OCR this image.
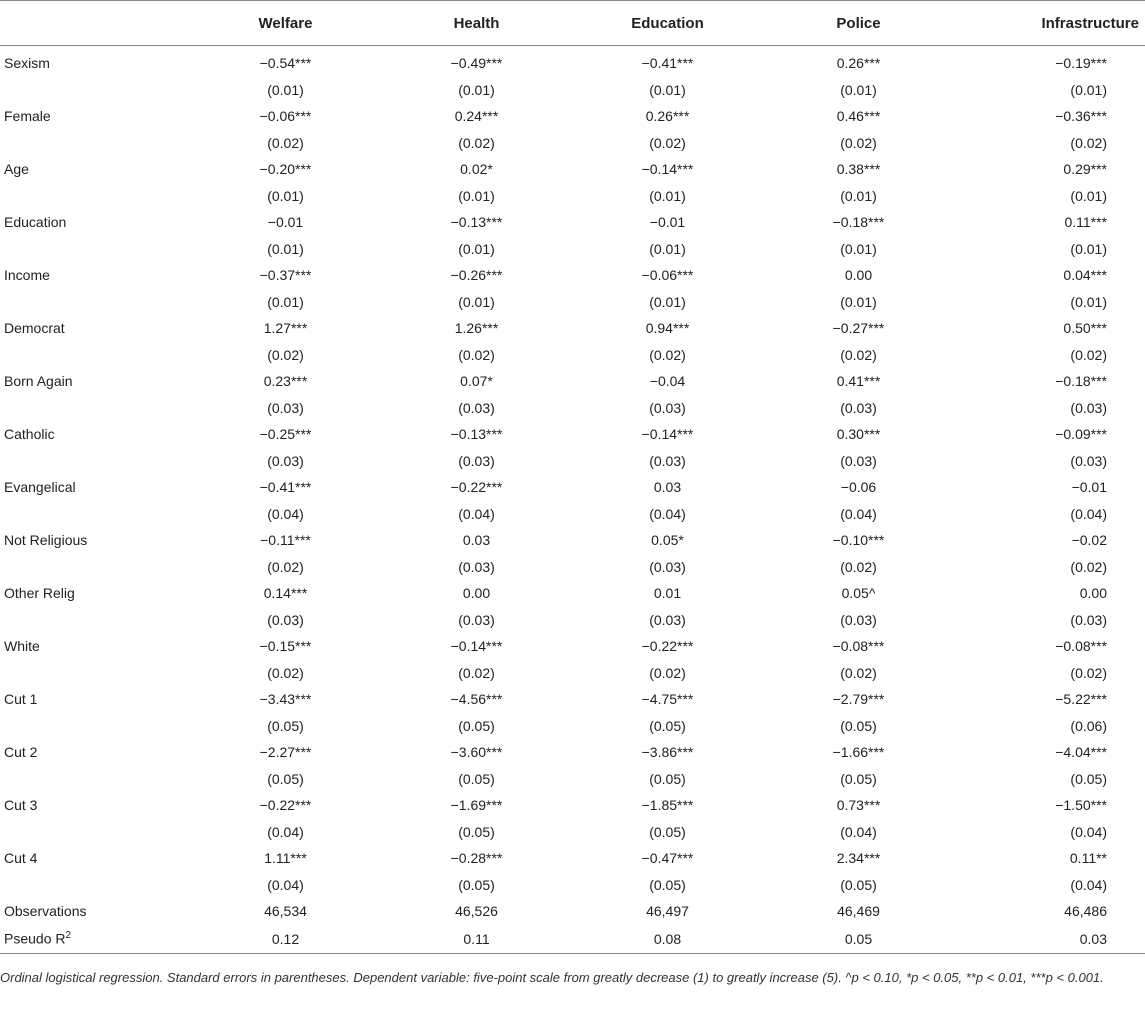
	Welfare	Health	Education	Police	Infrastructure
Sexism	−0.54***	−0.49***	−0.41***	0.26***	−0.19***
	(0.01)	(0.01)	(0.01)	(0.01)	(0.01)
Female	−0.06***	0.24***	0.26***	0.46***	−0.36***
	(0.02)	(0.02)	(0.02)	(0.02)	(0.02)
Age	−0.20***	0.02*	−0.14***	0.38***	0.29***
	(0.01)	(0.01)	(0.01)	(0.01)	(0.01)
Education	−0.01	−0.13***	−0.01	−0.18***	0.11***
	(0.01)	(0.01)	(0.01)	(0.01)	(0.01)
Income	−0.37***	−0.26***	−0.06***	0.00	0.04***
	(0.01)	(0.01)	(0.01)	(0.01)	(0.01)
Democrat	1.27***	1.26***	0.94***	−0.27***	0.50***
	(0.02)	(0.02)	(0.02)	(0.02)	(0.02)
Born Again	0.23***	0.07*	−0.04	0.41***	−0.18***
	(0.03)	(0.03)	(0.03)	(0.03)	(0.03)
Catholic	−0.25***	−0.13***	−0.14***	0.30***	−0.09***
	(0.03)	(0.03)	(0.03)	(0.03)	(0.03)
Evangelical	−0.41***	−0.22***	0.03	−0.06	−0.01
	(0.04)	(0.04)	(0.04)	(0.04)	(0.04)
Not Religious	−0.11***	0.03	0.05*	−0.10***	−0.02
	(0.02)	(0.03)	(0.03)	(0.02)	(0.02)
Other Relig	0.14***	0.00	0.01	0.05^	0.00
	(0.03)	(0.03)	(0.03)	(0.03)	(0.03)
White	−0.15***	−0.14***	−0.22***	−0.08***	−0.08***
	(0.02)	(0.02)	(0.02)	(0.02)	(0.02)
Cut 1	−3.43***	−4.56***	−4.75***	−2.79***	−5.22***
	(0.05)	(0.05)	(0.05)	(0.05)	(0.06)
Cut 2	−2.27***	−3.60***	−3.86***	−1.66***	−4.04***
	(0.05)	(0.05)	(0.05)	(0.05)	(0.05)
Cut 3	−0.22***	−1.69***	−1.85***	0.73***	−1.50***
	(0.04)	(0.05)	(0.05)	(0.04)	(0.04)
Cut 4	1.11***	−0.28***	−0.47***	2.34***	0.11**
	(0.04)	(0.05)	(0.05)	(0.05)	(0.04)
Observations	46,534	46,526	46,497	46,469	46,486
Pseudo $R^2$	0.12	0.11	0.08	0.05	0.03
Ordinal logistical regression. Standard errors in parentheses. Dependent variable: five-point scale from greatly decrease (1) to greatly increase (5). ^p < 0.10, *p < 0.05, **p < 0.01, ***p < 0.001.
